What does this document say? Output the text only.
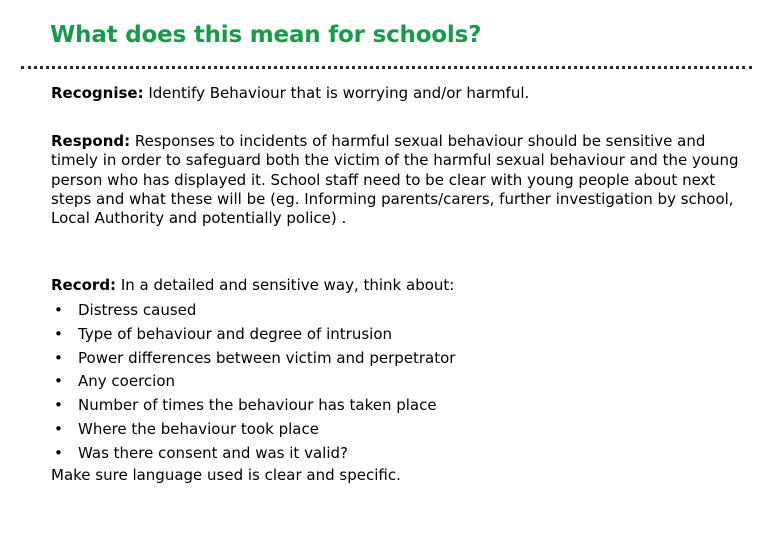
What does this mean for schools?
Recognise: Identify Behaviour that is worrying and/or harmful.
Respond: Responses to incidents of harmful sexual behaviour should be sensitive and timely in order to safeguard both the victim of the harmful sexual behaviour and the young person who has displayed it. School staff need to be clear with young people about next steps and what these will be (eg. Informing parents/carers, further investigation by school, Local Authority and potentially police) .
Record: In a detailed and sensitive way, think about:
• Distress caused
• Type of behaviour and degree of intrusion
• Power differences between victim and perpetrator
• Any coercion
• Number of times the behaviour has taken place
• Where the behaviour took place
• Was there consent and was it valid?
Make sure language used is clear and specific.
